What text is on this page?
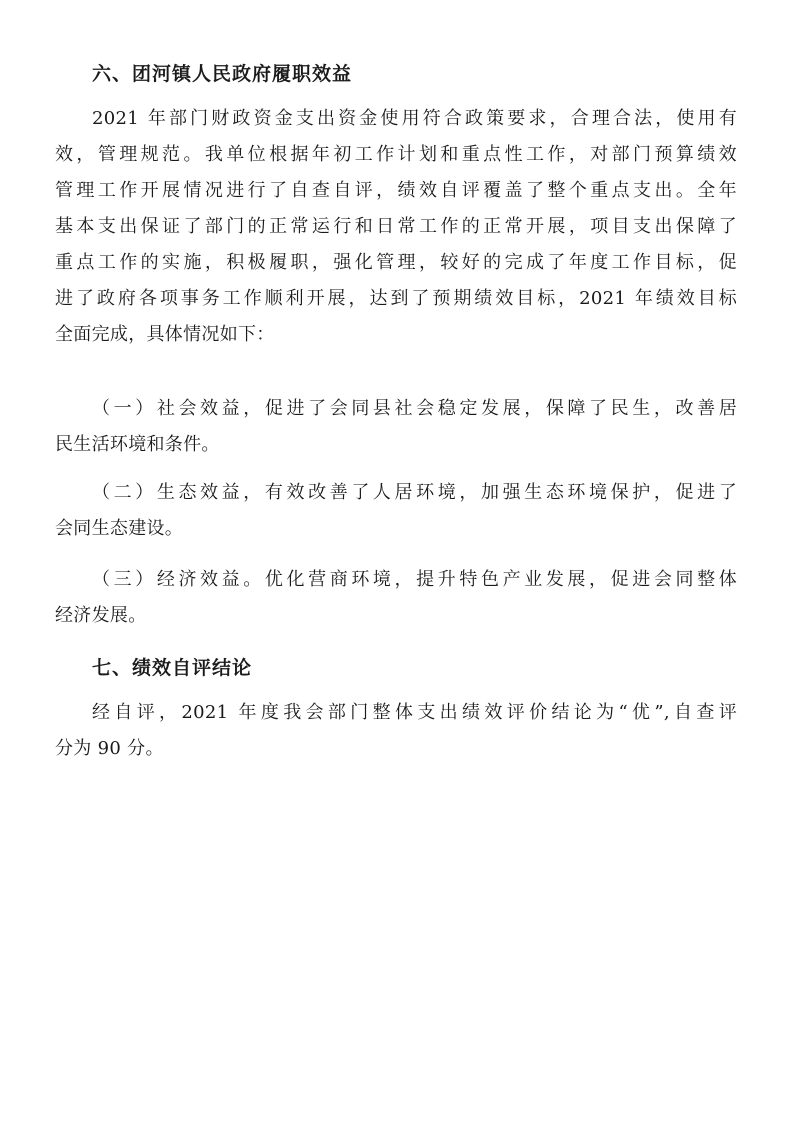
六、团河镇人民政府履职效益
2021 年部门财政资金支出资金使用符合政策要求，合理合法，使用有
效，管理规范。我单位根据年初工作计划和重点性工作，对部门预算绩效
管理工作开展情况进行了自查自评，绩效自评覆盖了整个重点支出。全年
基本支出保证了部门的正常运行和日常工作的正常开展，项目支出保障了
重点工作的实施，积极履职，强化管理，较好的完成了年度工作目标，促
进了政府各项事务工作顺利开展，达到了预期绩效目标，2021 年绩效目标
全面完成，具体情况如下：
（一）社会效益，促进了会同县社会稳定发展，保障了民生，改善居
民生活环境和条件。
（二）生态效益，有效改善了人居环境，加强生态环境保护，促进了
会同生态建设。
（三）经济效益。优化营商环境，提升特色产业发展，促进会同整体
经济发展。
七、绩效自评结论
经自评，2021 年度我会部门整体支出绩效评价结论为“优”,自查评
分为 90 分。
